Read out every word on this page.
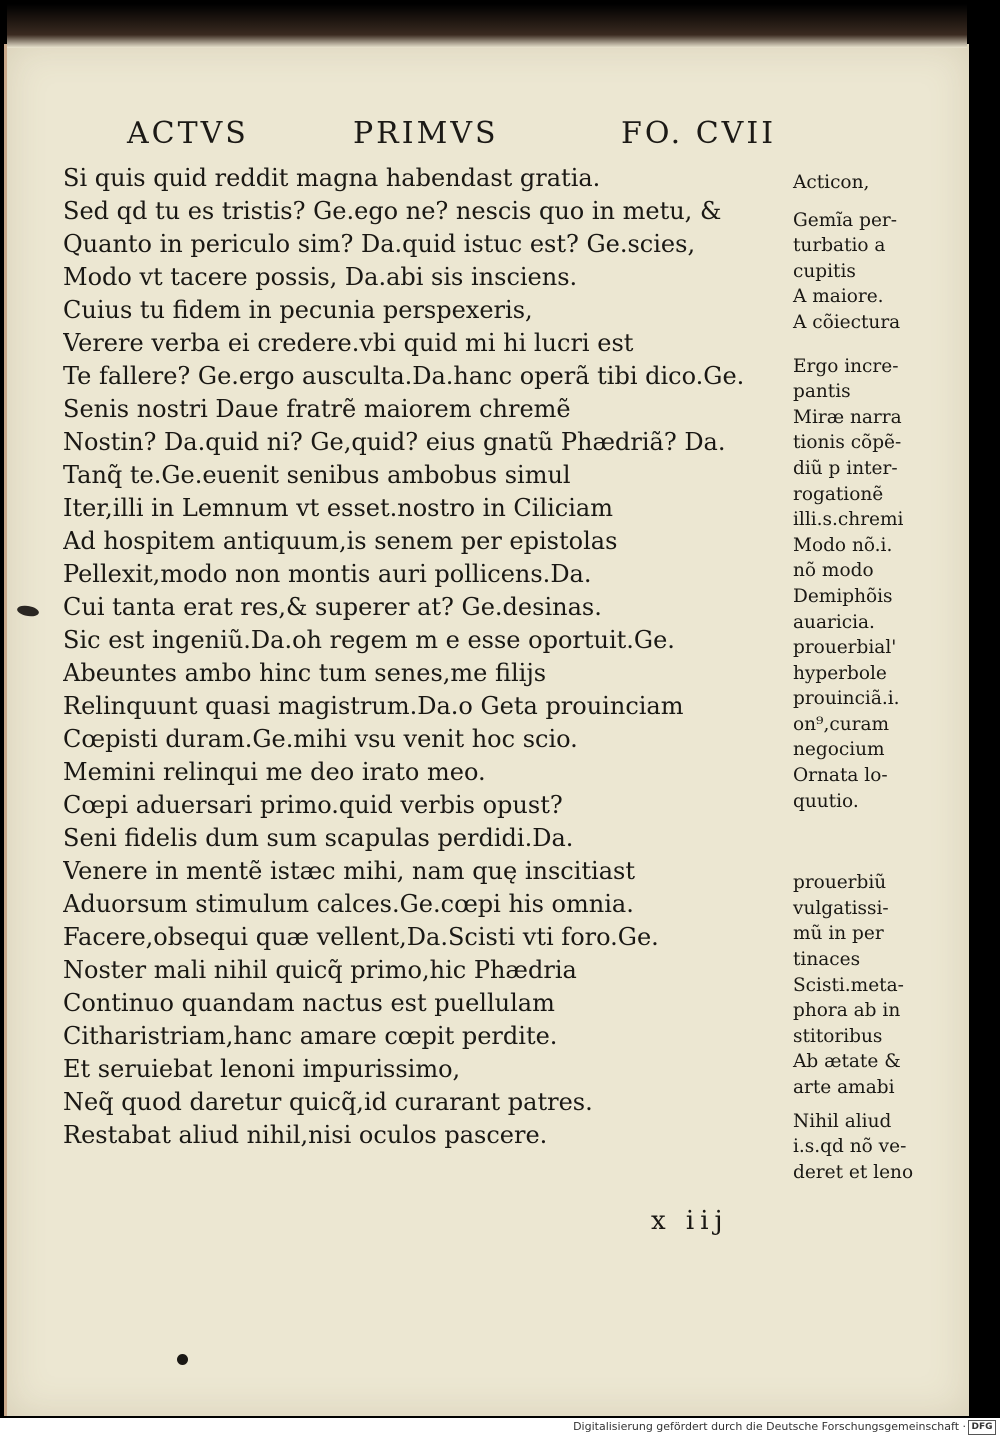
ACTVS	PRIMVS	FO. CVII
Si quis quid reddit magna habendast gratia.
Sed qd tu es tristis? Ge.ego ne? nescis quo in metu, &
Quanto in periculo sim? Da.quid istuc est? Ge.scies,
Modo vt tacere possis, Da.abi sis insciens.
Cuius tu fidem in pecunia perspexeris,
Verere verba ei credere.vbi quid mi hi lucri est
Te fallere? Ge.ergo ausculta.Da.hanc operã tibi dico.Ge.
Senis nostri Daue fratrẽ maiorem chremẽ
Nostin? Da.quid ni? Ge,quid? eius gnatũ Phædriã? Da.
Tanq̃ te.Ge.euenit senibus ambobus simul
Iter,illi in Lemnum vt esset.nostro in Ciliciam
Ad hospitem antiquum,is senem per epistolas
Pellexit,modo non montis auri pollicens.Da.
Cui tanta erat res,& superer at? Ge.desinas.
Sic est ingeniũ.Da.oh regem m e esse oportuit.Ge.
Abeuntes ambo hinc tum senes,me filijs
Relinquunt quasi magistrum.Da.o Geta prouinciam
Cœpisti duram.Ge.mihi vsu venit hoc scio.
Memini relinqui me deo irato meo.
Cœpi aduersari primo.quid verbis opust?
Seni fidelis dum sum scapulas perdidi.Da.
Venere in mentẽ istæc mihi, nam quę inscitiast
Aduorsum stimulum calces.Ge.cœpi his omnia.
Facere,obsequi quæ vellent,Da.Scisti vti foro.Ge.
Noster mali nihil quicq̃ primo,hic Phædria
Continuo quandam nactus est puellulam
Citharistriam,hanc amare cœpit perdite.
Et seruiebat lenoni impurissimo,
Neq̃ quod daretur quicq̃,id curarant patres.
Restabat aliud nihil,nisi oculos pascere.

Acticon,

Gemĩa per-

turbatio a

cupitis

A maiore.

A cõiectura

Ergo incre-

pantis

Miræ narra

tionis cõpẽ-

diũ p inter-

rogationẽ

illi.s.chremi

Modo nõ.i.

nõ modo

Demiphõis

auaricia.

prouerbial'

hyperbole

prouinciã.i.

on⁹,curam

negocium

Ornata lo-

quutio.

prouerbiũ

vulgatissi-

mũ in per

tinaces

Scisti.meta-

phora ab in

stitoribus

Ab ætate &

arte amabi

Nihil aliud

i.s.qd nõ ve-

deret et leno

x iij
Digitalisierung gefördert durch die Deutsche Forschungsgemeinschaft · DFG
